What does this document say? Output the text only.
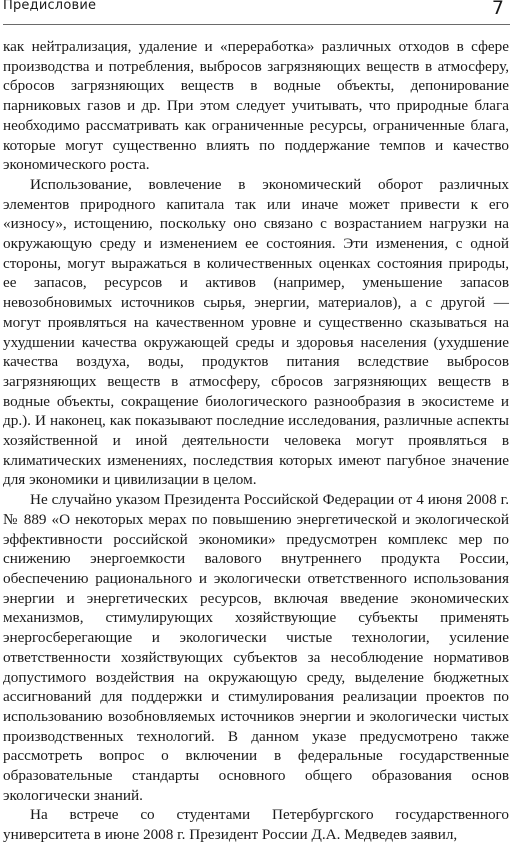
Предисловие	7

как нейтрализация, удаление и «переработка» различных отходов в сфере производства и потребления, выбросов загрязняющих веществ в атмосферу, сбросов загрязняющих веществ в водные объекты, депонирование парниковых газов и др. При этом следует учитывать, что природные блага необходимо рассматривать как ограниченные ресурсы, ограниченные блага, которые могут существенно влиять по поддержание темпов и качество экономического роста.

Использование, вовлечение в экономический оборот различных элементов природного капитала так или иначе может привести к его «износу», истощению, поскольку оно связано с возрастанием нагрузки на окружающую среду и изменением ее состояния. Эти изменения, с одной стороны, могут выражаться в количественных оценках состояния природы, ее запасов, ресурсов и активов (например, уменьшение запасов невозобновимых источников сырья, энергии, материалов), а с другой — могут проявляться на качественном уровне и существенно сказываться на ухудшении качества окружающей среды и здоровья населения (ухудшение качества воздуха, воды, продуктов питания вследствие выбросов загрязняющих веществ в атмосферу, сбросов загрязняющих веществ в водные объекты, сокращение биологического разнообразия в экосистеме и др.). И наконец, как показывают последние исследования, различные аспекты хозяйственной и иной деятельности человека могут проявляться в климатических изменениях, последствия которых имеют пагубное значение для экономики и цивилизации в целом.

Не случайно указом Президента Российской Федерации от 4 июня 2008 г. № 889 «О некоторых мерах по повышению энергетической и экологической эффективности российской экономики» предусмотрен комплекс мер по снижению энергоемкости валового внутреннего продукта России, обеспечению рационального и экологически ответственного использования энергии и энергетических ресурсов, включая введение экономических механизмов, стимулирующих хозяйствующие субъекты применять энергосберегающие и экологически чистые технологии, усиление ответственности хозяйствующих субъектов за несоблюдение нормативов допустимого воздействия на окружающую среду, выделение бюджетных ассигнований для поддержки и стимулирования реализации проектов по использованию возобновляемых источников энергии и экологически чистых производственных технологий. В данном указе предусмотрено также рассмотреть вопрос о включении в федеральные государственные образовательные стандарты основного общего образования основ экологически знаний.

На встрече со студентами Петербургского государственного университета в июне 2008 г. Президент России Д.А. Медведев заявил,
